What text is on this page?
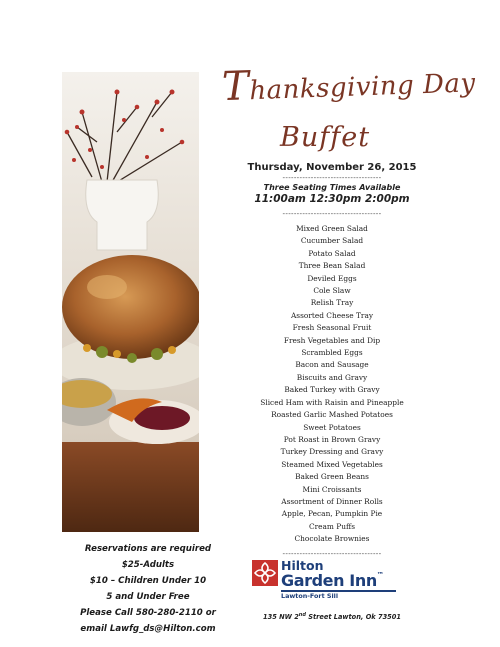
Thanksgiving Day
Buffet
Thursday, November 26, 2015
-----------------------------------
Three Seating Times Available
11:00am 12:30pm 2:00pm
-----------------------------------
Mixed Green Salad
Cucumber Salad
Potato Salad
Three Bean Salad
Deviled Eggs
Cole Slaw
Relish Tray
Assorted Cheese Tray
Fresh Seasonal Fruit
Fresh Vegetables and Dip
Scrambled Eggs
Bacon and Sausage
Biscuits and Gravy
Baked Turkey with Gravy
Sliced Ham with Raisin and Pineapple
Roasted Garlic Mashed Potatoes
Sweet Potatoes
Pot Roast in Brown Gravy
Turkey Dressing and Gravy
Steamed Mixed Vegetables
Baked Green Beans
Mini Croissants
Assortment of Dinner Rolls
Apple, Pecan, Pumpkin Pie
Cream Puffs
Chocolate Brownies
-----------------------------------
Reservations are required
$25-Adults
$10 – Children Under 10
5 and Under Free
Please Call 580-280-2110 or
email Lawfg_ds@Hilton.com
Hilton
Garden Inn™
Lawton-Fort Sill
135 NW 2nd Street Lawton, Ok 73501
